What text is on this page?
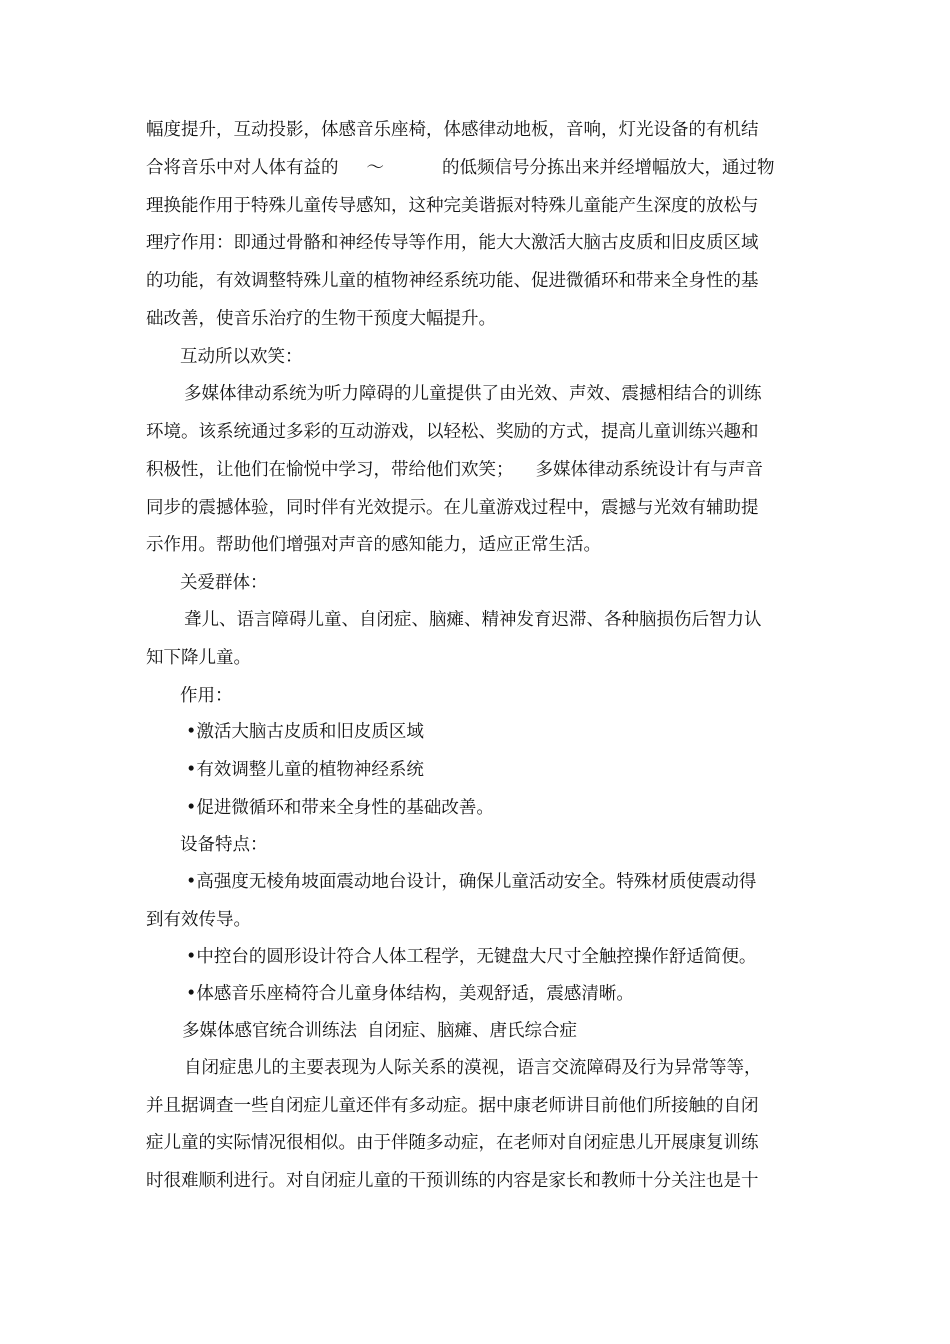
幅度提升，互动投影，体感音乐座椅，体感律动地板，音响，灯光设备的有机结
合将音乐中对人体有益的 ～	的低频信号分拣出来并经增幅放大，通过物
理换能作用于特殊儿童传导感知，这种完美谐振对特殊儿童能产生深度的放松与
理疗作用：即通过骨骼和神经传导等作用，能大大激活大脑古皮质和旧皮质区域
的功能，有效调整特殊儿童的植物神经系统功能、促进微循环和带来全身性的基
础改善，使音乐治疗的生物干预度大幅提升。
互动所以欢笑：
多媒体律动系统为听力障碍的儿童提供了由光效、声效、震撼相结合的训练
环境。该系统通过多彩的互动游戏，以轻松、奖励的方式，提高儿童训练兴趣和
积极性，让他们在愉悦中学习，带给他们欢笑； 多媒体律动系统设计有与声音
同步的震撼体验，同时伴有光效提示。在儿童游戏过程中，震撼与光效有辅助提
示作用。帮助他们增强对声音的感知能力，适应正常生活。
关爱群体：
聋儿、语言障碍儿童、自闭症、脑瘫、精神发育迟滞、各种脑损伤后智力认
知下降儿童。
作用：
•激活大脑古皮质和旧皮质区域
•有效调整儿童的植物神经系统
•促进微循环和带来全身性的基础改善。
设备特点：
•高强度无棱角坡面震动地台设计，确保儿童活动安全。特殊材质使震动得
到有效传导。
•中控台的圆形设计符合人体工程学，无键盘大尺寸全触控操作舒适简便。
•体感音乐座椅符合儿童身体结构，美观舒适，震感清晰。
多媒体感官统合训练法 自闭症、脑瘫、唐氏综合症
自闭症患儿的主要表现为人际关系的漠视，语言交流障碍及行为异常等等，
并且据调查一些自闭症儿童还伴有多动症。据中康老师讲目前他们所接触的自闭
症儿童的实际情况很相似。由于伴随多动症，在老师对自闭症患儿开展康复训练
时很难顺利进行。对自闭症儿童的干预训练的内容是家长和教师十分关注也是十
